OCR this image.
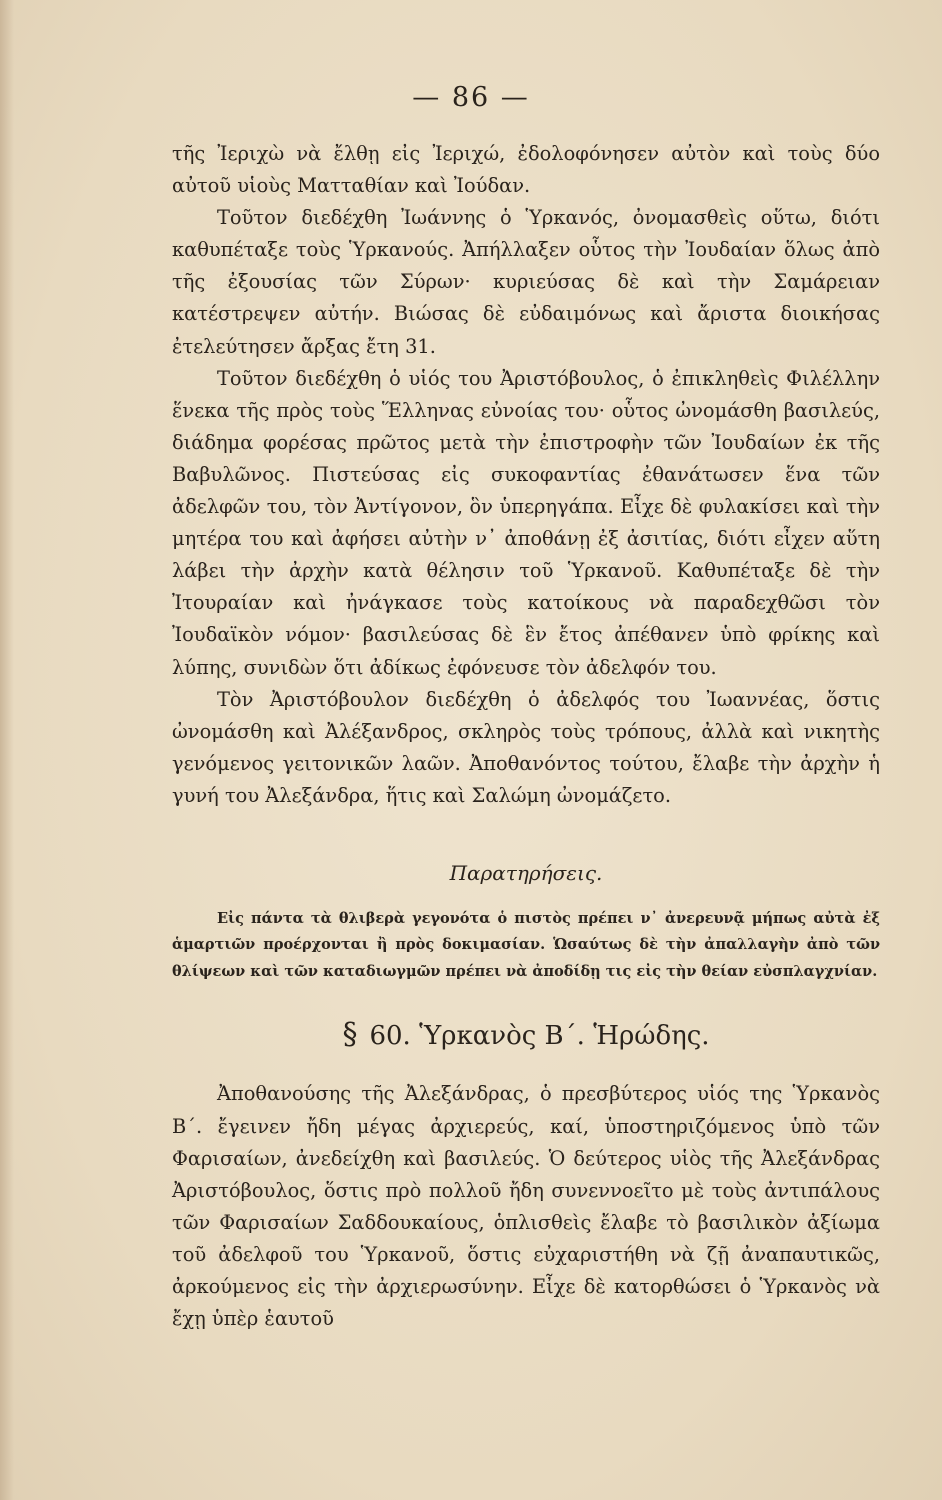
— 86 —

τῆς Ἰεριχὼ νὰ ἔλθῃ εἰς Ἰεριχώ, ἐδολοφόνησεν αὐτὸν καὶ τοὺς δύο αὐτοῦ υἱοὺς Ματταθίαν καὶ Ἰούδαν.

Τοῦτον διεδέχθη Ἰωάννης ὁ Ὑρκανός, ὀνομασθεὶς οὕτω, διότι καθυπέταξε τοὺς Ὑρκανούς. Ἀπήλλαξεν οὗτος τὴν Ἰουδαίαν ὅλως ἀπὸ τῆς ἐξουσίας τῶν Σύρων· κυριεύσας δὲ καὶ τὴν Σαμάρειαν κατέστρεψεν αὐτήν. Βιώσας δὲ εὐδαιμόνως καὶ ἄριστα διοικήσας ἐτελεύτησεν ἄρξας ἔτη 31.

Τοῦτον διεδέχθη ὁ υἱός του Ἀριστόβουλος, ὁ ἐπικληθεὶς Φιλέλλην ἕνεκα τῆς πρὸς τοὺς Ἕλληνας εὐνοίας του· οὗτος ὠνομάσθη βασιλεύς, διάδημα φορέσας πρῶτος μετὰ τὴν ἐπιστροφὴν τῶν Ἰουδαίων ἐκ τῆς Βαβυλῶνος. Πιστεύσας εἰς συκοφαντίας ἐθανάτωσεν ἕνα τῶν ἀδελφῶν του, τὸν Ἀντίγονον, ὃν ὑπερηγάπα. Εἶχε δὲ φυλακίσει καὶ τὴν μητέρα του καὶ ἀφήσει αὐτὴν ν᾽ ἀποθάνῃ ἐξ ἀσιτίας, διότι εἶχεν αὕτη λάβει τὴν ἀρχὴν κατὰ θέλησιν τοῦ Ὑρκανοῦ. Καθυπέταξε δὲ τὴν Ἰτουραίαν καὶ ἠνάγκασε τοὺς κατοίκους νὰ παραδεχθῶσι τὸν Ἰουδαϊκὸν νόμον· βασιλεύσας δὲ ἓν ἔτος ἀπέθανεν ὑπὸ φρίκης καὶ λύπης, συνιδὼν ὅτι ἀδίκως ἐφόνευσε τὸν ἀδελφόν του.

Τὸν Ἀριστόβουλον διεδέχθη ὁ ἀδελφός του Ἰωαννέας, ὅστις ὠνομάσθη καὶ Ἀλέξανδρος, σκληρὸς τοὺς τρόπους, ἀλλὰ καὶ νικητὴς γενόμενος γειτονικῶν λαῶν. Ἀποθανόντος τούτου, ἔλαβε τὴν ἀρχὴν ἡ γυνή του Ἀλεξάνδρα, ἥτις καὶ Σαλώμη ὠνομάζετο.

Παρατηρήσεις.

Εἰς πάντα τὰ θλιβερὰ γεγονότα ὁ πιστὸς πρέπει ν᾽ ἀνερευνᾷ μήπως αὐτὰ ἐξ ἁμαρτιῶν προέρχονται ἢ πρὸς δοκιμασίαν. Ὡσαύτως δὲ τὴν ἀπαλλαγὴν ἀπὸ τῶν θλίψεων καὶ τῶν καταδιωγμῶν πρέπει νὰ ἀποδίδῃ τις εἰς τὴν θείαν εὐσπλαγχνίαν.

§ 60. Ὑρκανὸς Β΄. Ἡρώδης.

Ἀποθανούσης τῆς Ἀλεξάνδρας, ὁ πρεσβύτερος υἱός της Ὑρκανὸς Β΄. ἔγεινεν ἤδη μέγας ἀρχιερεύς, καί, ὑποστηριζόμενος ὑπὸ τῶν Φαρισαίων, ἀνεδείχθη καὶ βασιλεύς. Ὁ δεύτερος υἱὸς τῆς Ἀλεξάνδρας Ἀριστόβουλος, ὅστις πρὸ πολλοῦ ἤδη συνεννοεῖτο μὲ τοὺς ἀντιπάλους τῶν Φαρισαίων Σαδδουκαίους, ὁπλισθεὶς ἔλαβε τὸ βασιλικὸν ἀξίωμα τοῦ ἀδελφοῦ του Ὑρκανοῦ, ὅστις εὐχαριστήθη νὰ ζῇ ἀναπαυτικῶς, ἀρκούμενος εἰς τὴν ἀρχιερωσύνην. Εἶχε δὲ κατορθώσει ὁ Ὑρκανὸς νὰ ἔχῃ ὑπὲρ ἑαυτοῦ
